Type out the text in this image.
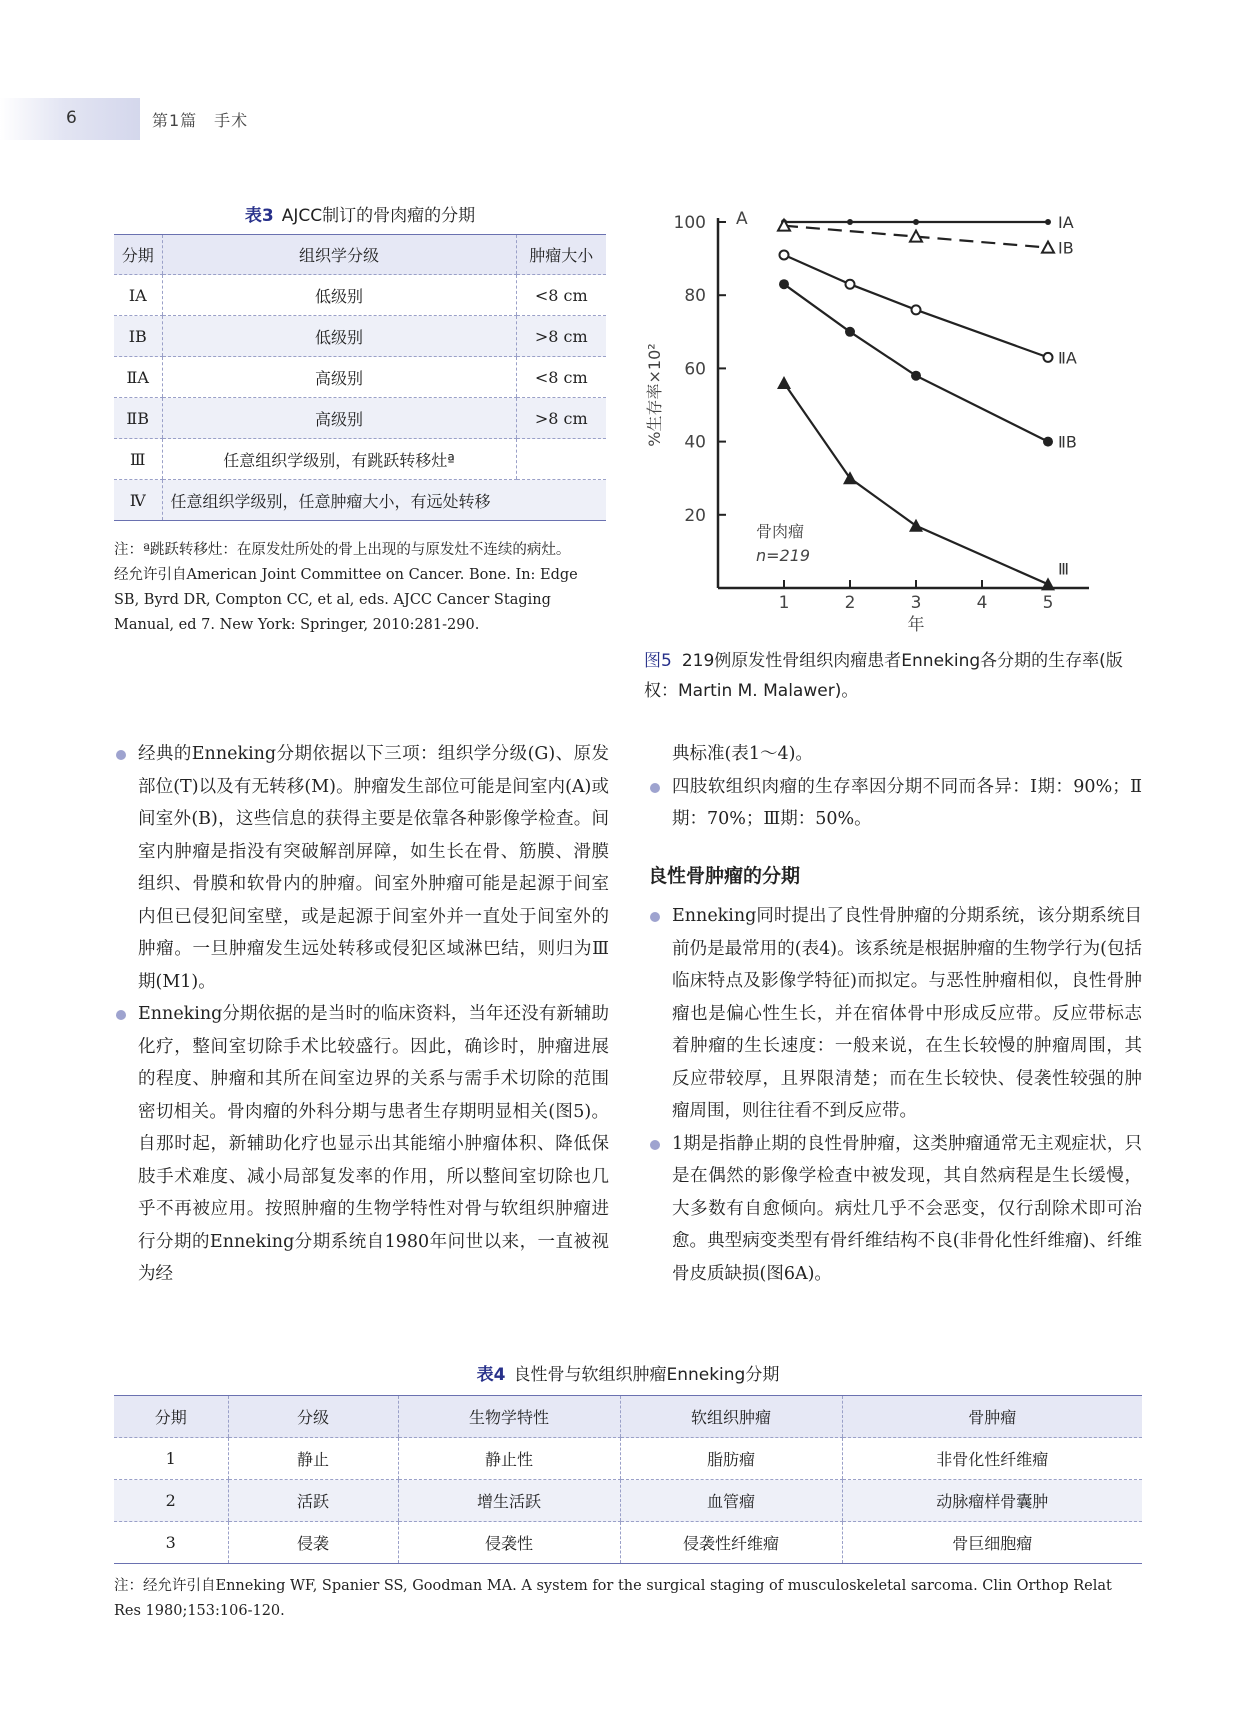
6	第1篇　手术
表3 AJCC制订的骨肉瘤的分期
分期	组织学分级	肿瘤大小
ⅠA	低级别	<8 cm
ⅠB	低级别	>8 cm
ⅡA	高级别	<8 cm
ⅡB	高级别	>8 cm
Ⅲ	任意组织学级别，有跳跃转移灶ª	
Ⅳ	任意组织学级别，任意肿瘤大小，有远处转移	
注：ª跳跃转移灶：在原发灶所处的骨上出现的与原发灶不连续的病灶。
经允许引自American Joint Committee on Cancer. Bone. In: Edge SB, Byrd DR, Compton CC, et al, eds. AJCC Cancer Staging Manual, ed 7. New York: Springer, 2010:281-290.
20
40
60
80
100
1	2	3	4	5
年
%生存率×10²
A
骨肉瘤
n=219
ⅠA
ⅠB
ⅡA
ⅡB
Ⅲ
图5 219例原发性骨组织肉瘤患者Enneking各分期的生存率(版权：Martin M. Malawer)。

经典的Enneking分期依据以下三项：组织学分级(G)、原发部位(T)以及有无转移(M)。肿瘤发生部位可能是间室内(A)或间室外(B)，这些信息的获得主要是依靠各种影像学检查。间室内肿瘤是指没有突破解剖屏障，如生长在骨、筋膜、滑膜组织、骨膜和软骨内的肿瘤。间室外肿瘤可能是起源于间室内但已侵犯间室壁，或是起源于间室外并一直处于间室外的肿瘤。一旦肿瘤发生远处转移或侵犯区域淋巴结，则归为Ⅲ期(M1)。

Enneking分期依据的是当时的临床资料，当年还没有新辅助化疗，整间室切除手术比较盛行。因此，确诊时，肿瘤进展的程度、肿瘤和其所在间室边界的关系与需手术切除的范围密切相关。骨肉瘤的外科分期与患者生存期明显相关(图5)。自那时起，新辅助化疗也显示出其能缩小肿瘤体积、降低保肢手术难度、减小局部复发率的作用，所以整间室切除也几乎不再被应用。按照肿瘤的生物学特性对骨与软组织肿瘤进行分期的Enneking分期系统自1980年问世以来，一直被视为经

典标准(表1～4)。

四肢软组织肉瘤的生存率因分期不同而各异：Ⅰ期：90%；Ⅱ期：70%；Ⅲ期：50%。

良性骨肿瘤的分期

Enneking同时提出了良性骨肿瘤的分期系统，该分期系统目前仍是最常用的(表4)。该系统是根据肿瘤的生物学行为(包括临床特点及影像学特征)而拟定。与恶性肿瘤相似，良性骨肿瘤也是偏心性生长，并在宿体骨中形成反应带。反应带标志着肿瘤的生长速度：一般来说，在生长较慢的肿瘤周围，其反应带较厚，且界限清楚；而在生长较快、侵袭性较强的肿瘤周围，则往往看不到反应带。

1期是指静止期的良性骨肿瘤，这类肿瘤通常无主观症状，只是在偶然的影像学检查中被发现，其自然病程是生长缓慢，大多数有自愈倾向。病灶几乎不会恶变，仅行刮除术即可治愈。典型病变类型有骨纤维结构不良(非骨化性纤维瘤)、纤维骨皮质缺损(图6A)。

表4 良性骨与软组织肿瘤Enneking分期
分期	分级	生物学特性	软组织肿瘤	骨肿瘤
1	静止	静止性	脂肪瘤	非骨化性纤维瘤
2	活跃	增生活跃	血管瘤	动脉瘤样骨囊肿
3	侵袭	侵袭性	侵袭性纤维瘤	骨巨细胞瘤
注：经允许引自Enneking WF, Spanier SS, Goodman MA. A system for the surgical staging of musculoskeletal sarcoma. Clin Orthop Relat Res 1980;153:106-120.
